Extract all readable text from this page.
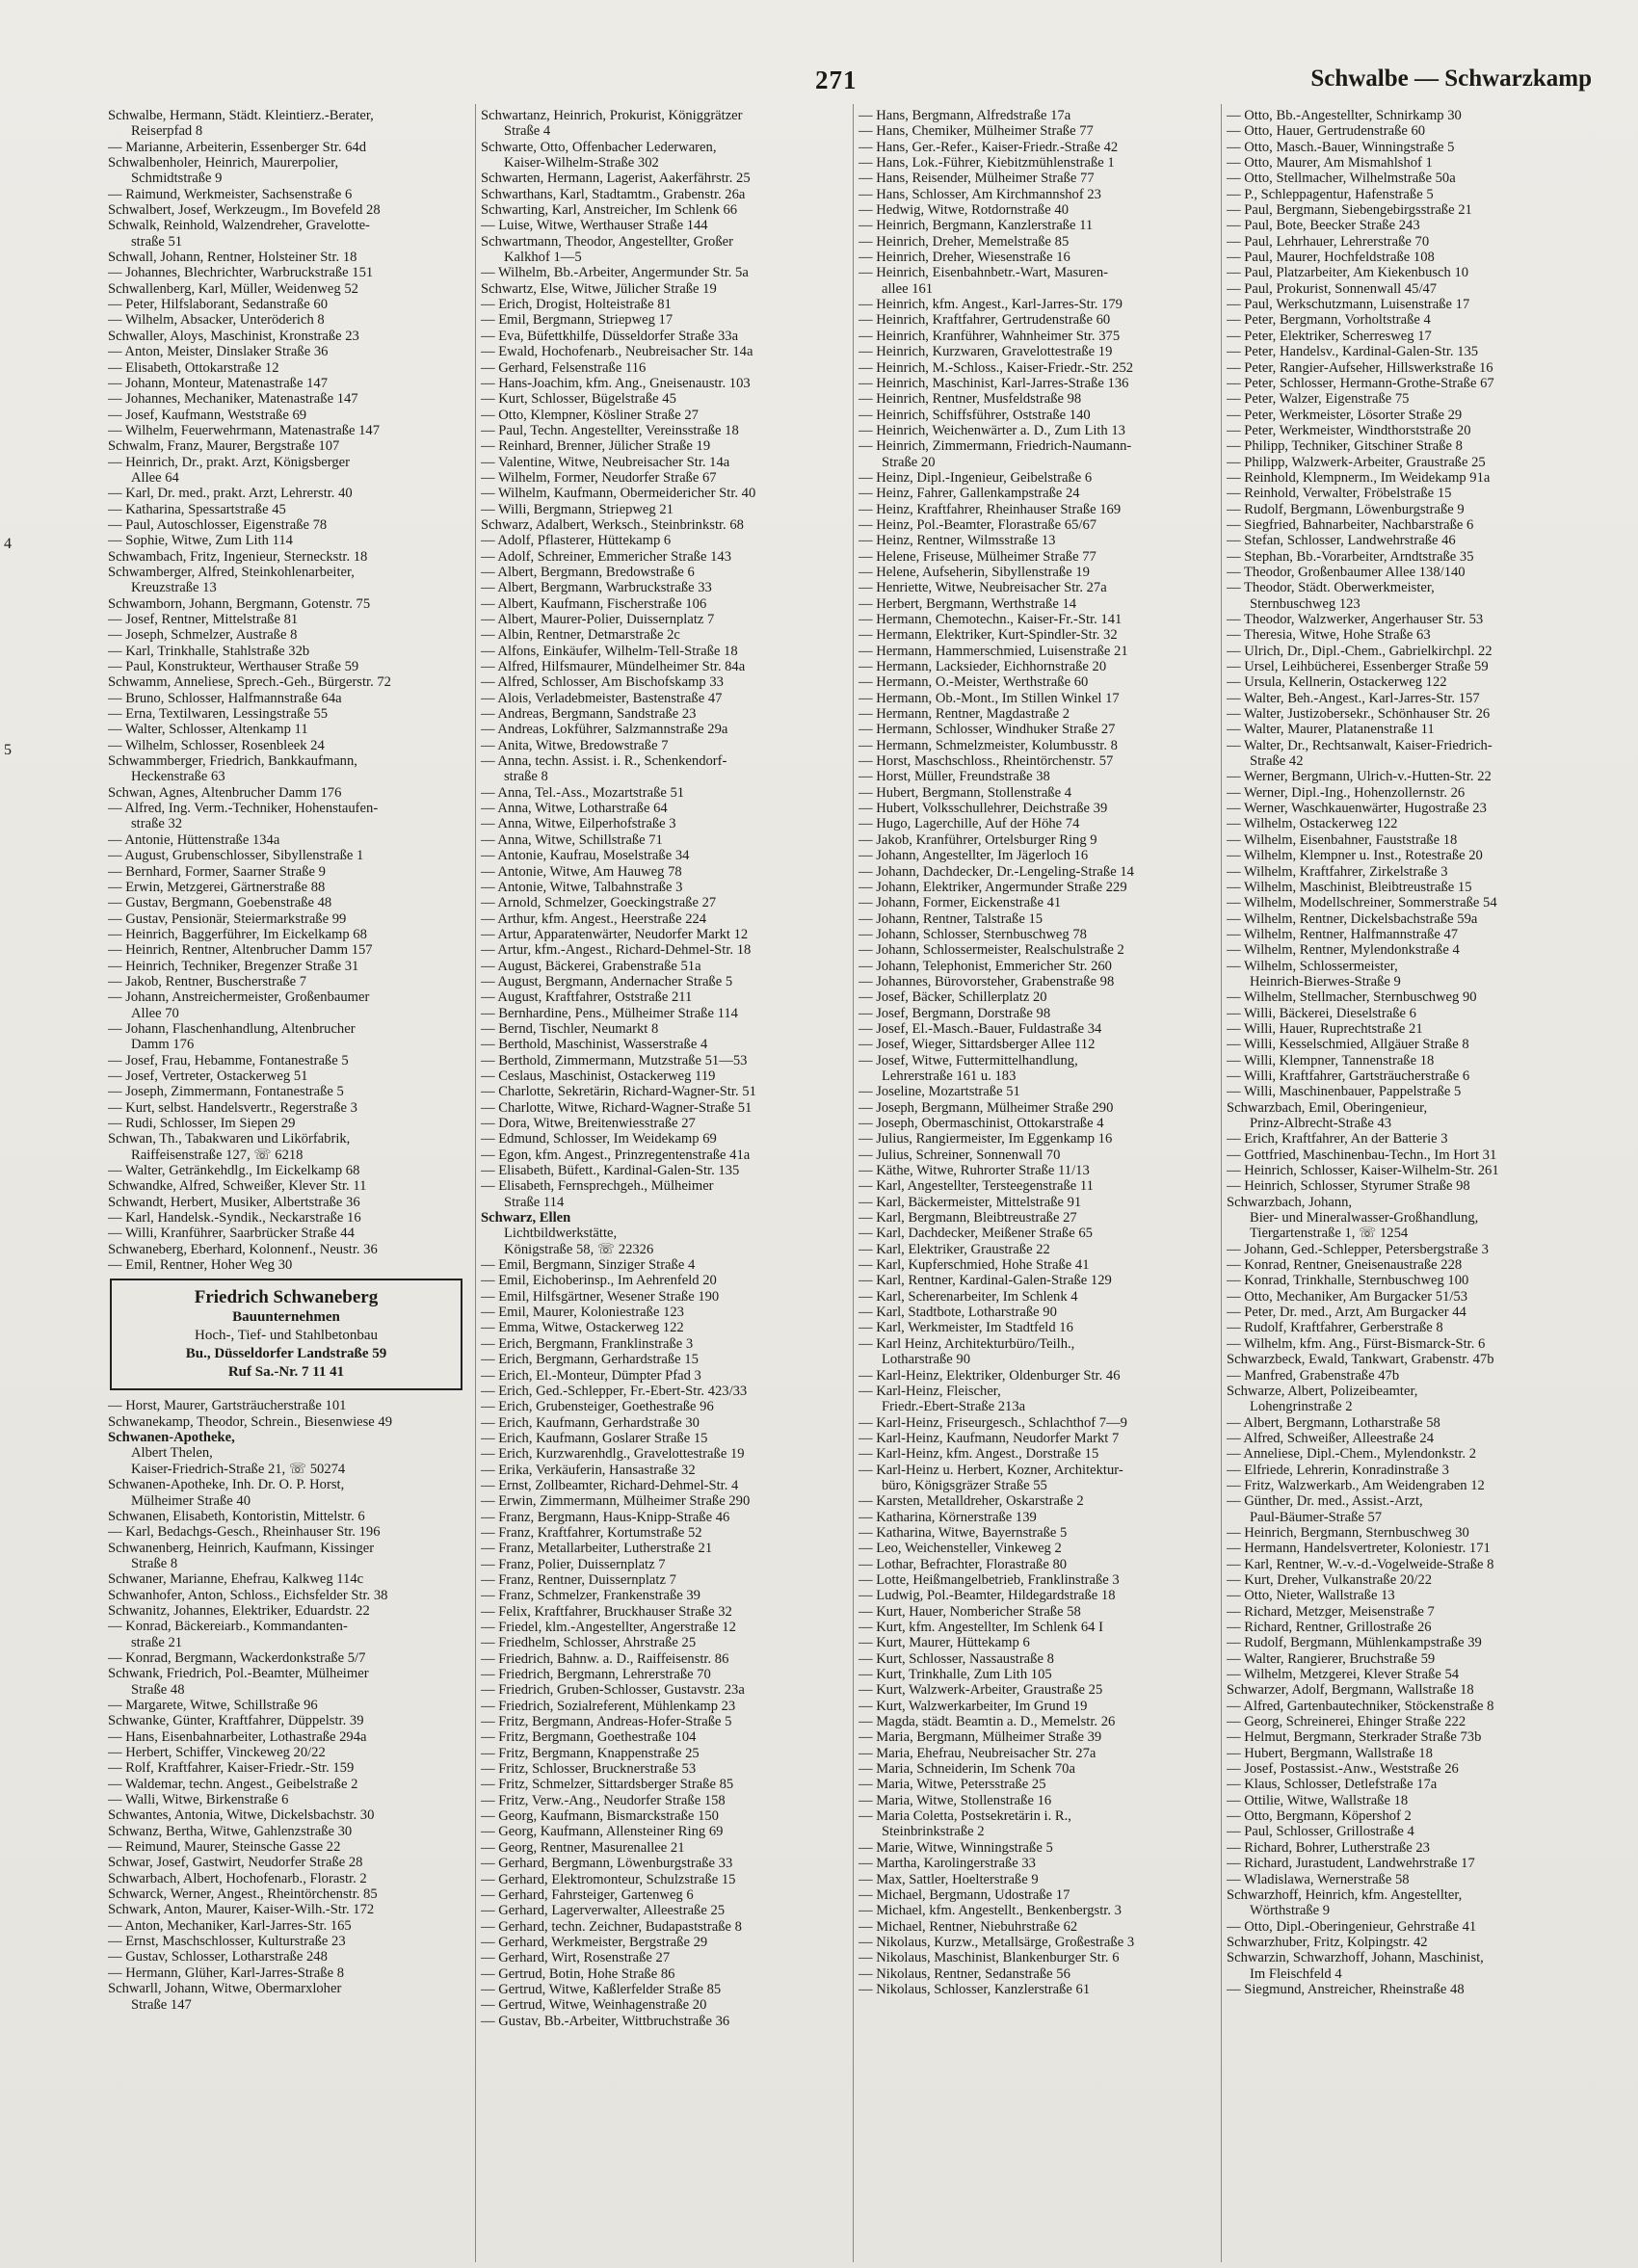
271	Schwalbe — Schwarzkamp
4
5
Schwalbe, Hermann, Städt. Kleintierz.-Berater,
Reiserpfad 8
— Marianne, Arbeiterin, Essenberger Str. 64d
Schwalbenholer, Heinrich, Maurerpolier,
Schmidtstraße 9
— Raimund, Werkmeister, Sachsenstraße 6
Schwalbert, Josef, Werkzeugm., Im Bovefeld 28
Schwalk, Reinhold, Walzendreher, Gravelotte-
straße 51
Schwall, Johann, Rentner, Holsteiner Str. 18
— Johannes, Blechrichter, Warbruckstraße 151
Schwallenberg, Karl, Müller, Weidenweg 52
— Peter, Hilfslaborant, Sedanstraße 60
— Wilhelm, Absacker, Unteröderich 8
Schwaller, Aloys, Maschinist, Kronstraße 23
— Anton, Meister, Dinslaker Straße 36
— Elisabeth, Ottokarstraße 12
— Johann, Monteur, Matenastraße 147
— Johannes, Mechaniker, Matenastraße 147
— Josef, Kaufmann, Weststraße 69
— Wilhelm, Feuerwehrmann, Matenastraße 147
Schwalm, Franz, Maurer, Bergstraße 107
— Heinrich, Dr., prakt. Arzt, Königsberger
Allee 64
— Karl, Dr. med., prakt. Arzt, Lehrerstr. 40
— Katharina, Spessartstraße 45
— Paul, Autoschlosser, Eigenstraße 78
— Sophie, Witwe, Zum Lith 114
Schwambach, Fritz, Ingenieur, Sterneckstr. 18
Schwamberger, Alfred, Steinkohlenarbeiter,
Kreuzstraße 13
Schwamborn, Johann, Bergmann, Gotenstr. 75
— Josef, Rentner, Mittelstraße 81
— Joseph, Schmelzer, Austraße 8
— Karl, Trinkhalle, Stahlstraße 32b
— Paul, Konstrukteur, Werthauser Straße 59
Schwamm, Anneliese, Sprech.-Geh., Bürgerstr. 72
— Bruno, Schlosser, Halfmannstraße 64a
— Erna, Textilwaren, Lessingstraße 55
— Walter, Schlosser, Altenkamp 11
— Wilhelm, Schlosser, Rosenbleek 24
Schwammberger, Friedrich, Bankkaufmann,
Heckenstraße 63
Schwan, Agnes, Altenbrucher Damm 176
— Alfred, Ing. Verm.-Techniker, Hohenstaufen-
straße 32
— Antonie, Hüttenstraße 134a
— August, Grubenschlosser, Sibyllenstraße 1
— Bernhard, Former, Saarner Straße 9
— Erwin, Metzgerei, Gärtnerstraße 88
— Gustav, Bergmann, Goebenstraße 48
— Gustav, Pensionär, Steiermarkstraße 99
— Heinrich, Baggerführer, Im Eickelkamp 68
— Heinrich, Rentner, Altenbrucher Damm 157
— Heinrich, Techniker, Bregenzer Straße 31
— Jakob, Rentner, Buscherstraße 7
— Johann, Anstreichermeister, Großenbaumer
Allee 70
— Johann, Flaschenhandlung, Altenbrucher
Damm 176
— Josef, Frau, Hebamme, Fontanestraße 5
— Josef, Vertreter, Ostackerweg 51
— Joseph, Zimmermann, Fontanestraße 5
— Kurt, selbst. Handelsvertr., Regerstraße 3
— Rudi, Schlosser, Im Siepen 29
Schwan, Th., Tabakwaren und Likörfabrik,
Raiffeisenstraße 127, ☏ 6218
— Walter, Getränkehdlg., Im Eickelkamp 68
Schwandke, Alfred, Schweißer, Klever Str. 11
Schwandt, Herbert, Musiker, Albertstraße 36
— Karl, Handelsk.-Syndik., Neckarstraße 16
— Willi, Kranführer, Saarbrücker Straße 44
Schwaneberg, Eberhard, Kolonnenf., Neustr. 36
— Emil, Rentner, Hoher Weg 30
Friedrich Schwaneberg
Bauunternehmen
Hoch-, Tief- und Stahlbetonbau
Bu., Düsseldorfer Landstraße 59
Ruf Sa.-Nr. 7 11 41
— Horst, Maurer, Gartsträucherstraße 101
Schwanekamp, Theodor, Schrein., Biesenwiese 49
Schwanen-Apotheke,
Albert Thelen,
Kaiser-Friedrich-Straße 21, ☏ 50274
Schwanen-Apotheke, Inh. Dr. O. P. Horst,
Mülheimer Straße 40
Schwanen, Elisabeth, Kontoristin, Mittelstr. 6
— Karl, Bedachgs-Gesch., Rheinhauser Str. 196
Schwanenberg, Heinrich, Kaufmann, Kissinger
Straße 8
Schwaner, Marianne, Ehefrau, Kalkweg 114c
Schwanhofer, Anton, Schloss., Eichsfelder Str. 38
Schwanitz, Johannes, Elektriker, Eduardstr. 22
— Konrad, Bäckereiarb., Kommandanten-
straße 21
— Konrad, Bergmann, Wackerdonkstraße 5/7
Schwank, Friedrich, Pol.-Beamter, Mülheimer
Straße 48
— Margarete, Witwe, Schillstraße 96
Schwanke, Günter, Kraftfahrer, Düppelstr. 39
— Hans, Eisenbahnarbeiter, Lothastraße 294a
— Herbert, Schiffer, Vinckeweg 20/22
— Rolf, Kraftfahrer, Kaiser-Friedr.-Str. 159
— Waldemar, techn. Angest., Geibelstraße 2
— Walli, Witwe, Birkenstraße 6
Schwantes, Antonia, Witwe, Dickelsbachstr. 30
Schwanz, Bertha, Witwe, Gahlenzstraße 30
— Reimund, Maurer, Steinsche Gasse 22
Schwar, Josef, Gastwirt, Neudorfer Straße 28
Schwarbach, Albert, Hochofenarb., Florastr. 2
Schwarck, Werner, Angest., Rheintörchenstr. 85
Schwark, Anton, Maurer, Kaiser-Wilh.-Str. 172
— Anton, Mechaniker, Karl-Jarres-Str. 165
— Ernst, Maschschlosser, Kulturstraße 23
— Gustav, Schlosser, Lotharstraße 248
— Hermann, Glüher, Karl-Jarres-Straße 8
Schwarll, Johann, Witwe, Obermarxloher
Straße 147
Schwartanz, Heinrich, Prokurist, Königgrätzer
Straße 4
Schwarte, Otto, Offenbacher Lederwaren,
Kaiser-Wilhelm-Straße 302
Schwarten, Hermann, Lagerist, Aakerfährstr. 25
Schwarthans, Karl, Stadtamtm., Grabenstr. 26a
Schwarting, Karl, Anstreicher, Im Schlenk 66
— Luise, Witwe, Werthauser Straße 144
Schwartmann, Theodor, Angestellter, Großer
Kalkhof 1—5
— Wilhelm, Bb.-Arbeiter, Angermunder Str. 5a
Schwartz, Else, Witwe, Jülicher Straße 19
— Erich, Drogist, Holteistraße 81
— Emil, Bergmann, Striepweg 17
— Eva, Büfettkhilfe, Düsseldorfer Straße 33a
— Ewald, Hochofenarb., Neubreisacher Str. 14a
— Gerhard, Felsenstraße 116
— Hans-Joachim, kfm. Ang., Gneisenaustr. 103
— Kurt, Schlosser, Bügelstraße 45
— Otto, Klempner, Kösliner Straße 27
— Paul, Techn. Angestellter, Vereinsstraße 18
— Reinhard, Brenner, Jülicher Straße 19
— Valentine, Witwe, Neubreisacher Str. 14a
— Wilhelm, Former, Neudorfer Straße 67
— Wilhelm, Kaufmann, Obermeidericher Str. 40
— Willi, Bergmann, Striepweg 21
Schwarz, Adalbert, Werksch., Steinbrinkstr. 68
— Adolf, Pflasterer, Hüttekamp 6
— Adolf, Schreiner, Emmericher Straße 143
— Albert, Bergmann, Bredowstraße 6
— Albert, Bergmann, Warbruckstraße 33
— Albert, Kaufmann, Fischerstraße 106
— Albert, Maurer-Polier, Duissernplatz 7
— Albin, Rentner, Detmarstraße 2c
— Alfons, Einkäufer, Wilhelm-Tell-Straße 18
— Alfred, Hilfsmaurer, Mündelheimer Str. 84a
— Alfred, Schlosser, Am Bischofskamp 33
— Alois, Verladebmeister, Bastenstraße 47
— Andreas, Bergmann, Sandstraße 23
— Andreas, Lokführer, Salzmannstraße 29a
— Anita, Witwe, Bredowstraße 7
— Anna, techn. Assist. i. R., Schenkendorf-
straße 8
— Anna, Tel.-Ass., Mozartstraße 51
— Anna, Witwe, Lotharstraße 64
— Anna, Witwe, Eilperhofstraße 3
— Anna, Witwe, Schillstraße 71
— Antonie, Kaufrau, Moselstraße 34
— Antonie, Witwe, Am Hauweg 78
— Antonie, Witwe, Talbahnstraße 3
— Arnold, Schmelzer, Goeckingstraße 27
— Arthur, kfm. Angest., Heerstraße 224
— Artur, Apparatenwärter, Neudorfer Markt 12
— Artur, kfm.-Angest., Richard-Dehmel-Str. 18
— August, Bäckerei, Grabenstraße 51a
— August, Bergmann, Andernacher Straße 5
— August, Kraftfahrer, Oststraße 211
— Bernhardine, Pens., Mülheimer Straße 114
— Bernd, Tischler, Neumarkt 8
— Berthold, Maschinist, Wasserstraße 4
— Berthold, Zimmermann, Mutzstraße 51—53
— Ceslaus, Maschinist, Ostackerweg 119
— Charlotte, Sekretärin, Richard-Wagner-Str. 51
— Charlotte, Witwe, Richard-Wagner-Straße 51
— Dora, Witwe, Breitenwiesstraße 27
— Edmund, Schlosser, Im Weidekamp 69
— Egon, kfm. Angest., Prinzregentenstraße 41a
— Elisabeth, Büfett., Kardinal-Galen-Str. 135
— Elisabeth, Fernsprechgeh., Mülheimer
Straße 114
Schwarz, Ellen
Lichtbildwerkstätte,
Königstraße 58, ☏ 22326
— Emil, Bergmann, Sinziger Straße 4
— Emil, Eichoberinsp., Im Aehrenfeld 20
— Emil, Hilfsgärtner, Wesener Straße 190
— Emil, Maurer, Koloniestraße 123
— Emma, Witwe, Ostackerweg 122
— Erich, Bergmann, Franklinstraße 3
— Erich, Bergmann, Gerhardstraße 15
— Erich, El.-Monteur, Dümpter Pfad 3
— Erich, Ged.-Schlepper, Fr.-Ebert-Str. 423/33
— Erich, Grubensteiger, Goethestraße 96
— Erich, Kaufmann, Gerhardstraße 30
— Erich, Kaufmann, Goslarer Straße 15
— Erich, Kurzwarenhdlg., Gravelottestraße 19
— Erika, Verkäuferin, Hansastraße 32
— Ernst, Zollbeamter, Richard-Dehmel-Str. 4
— Erwin, Zimmermann, Mülheimer Straße 290
— Franz, Bergmann, Haus-Knipp-Straße 46
— Franz, Kraftfahrer, Kortumstraße 52
— Franz, Metallarbeiter, Lutherstraße 21
— Franz, Polier, Duissernplatz 7
— Franz, Rentner, Duissernplatz 7
— Franz, Schmelzer, Frankenstraße 39
— Felix, Kraftfahrer, Bruckhauser Straße 32
— Friedel, klm.-Angestellter, Angerstraße 12
— Friedhelm, Schlosser, Ahrstraße 25
— Friedrich, Bahnw. a. D., Raiffeisenstr. 86
— Friedrich, Bergmann, Lehrerstraße 70
— Friedrich, Gruben-Schlosser, Gustavstr. 23a
— Friedrich, Sozialreferent, Mühlenkamp 23
— Fritz, Bergmann, Andreas-Hofer-Straße 5
— Fritz, Bergmann, Goethestraße 104
— Fritz, Bergmann, Knappenstraße 25
— Fritz, Schlosser, Brucknerstraße 53
— Fritz, Schmelzer, Sittardsberger Straße 85
— Fritz, Verw.-Ang., Neudorfer Straße 158
— Georg, Kaufmann, Bismarckstraße 150
— Georg, Kaufmann, Allensteiner Ring 69
— Georg, Rentner, Masurenallee 21
— Gerhard, Bergmann, Löwenburgstraße 33
— Gerhard, Elektromonteur, Schulzstraße 15
— Gerhard, Fahrsteiger, Gartenweg 6
— Gerhard, Lagerverwalter, Alleestraße 25
— Gerhard, techn. Zeichner, Budapaststraße 8
— Gerhard, Werkmeister, Bergstraße 29
— Gerhard, Wirt, Rosenstraße 27
— Gertrud, Botin, Hohe Straße 86
— Gertrud, Witwe, Kaßlerfelder Straße 85
— Gertrud, Witwe, Weinhagenstraße 20
— Gustav, Bb.-Arbeiter, Wittbruchstraße 36
— Hans, Bergmann, Alfredstraße 17a
— Hans, Chemiker, Mülheimer Straße 77
— Hans, Ger.-Refer., Kaiser-Friedr.-Straße 42
— Hans, Lok.-Führer, Kiebitzmühlenstraße 1
— Hans, Reisender, Mülheimer Straße 77
— Hans, Schlosser, Am Kirchmannshof 23
— Hedwig, Witwe, Rotdornstraße 40
— Heinrich, Bergmann, Kanzlerstraße 11
— Heinrich, Dreher, Memelstraße 85
— Heinrich, Dreher, Wiesenstraße 16
— Heinrich, Eisenbahnbetr.-Wart, Masuren-
allee 161
— Heinrich, kfm. Angest., Karl-Jarres-Str. 179
— Heinrich, Kraftfahrer, Gertrudenstraße 60
— Heinrich, Kranführer, Wahnheimer Str. 375
— Heinrich, Kurzwaren, Gravelottestraße 19
— Heinrich, M.-Schloss., Kaiser-Friedr.-Str. 252
— Heinrich, Maschinist, Karl-Jarres-Straße 136
— Heinrich, Rentner, Musfeldstraße 98
— Heinrich, Schiffsführer, Oststraße 140
— Heinrich, Weichenwärter a. D., Zum Lith 13
— Heinrich, Zimmermann, Friedrich-Naumann-
Straße 20
— Heinz, Dipl.-Ingenieur, Geibelstraße 6
— Heinz, Fahrer, Gallenkampstraße 24
— Heinz, Kraftfahrer, Rheinhauser Straße 169
— Heinz, Pol.-Beamter, Florastraße 65/67
— Heinz, Rentner, Wilmsstraße 13
— Helene, Friseuse, Mülheimer Straße 77
— Helene, Aufseherin, Sibyllenstraße 19
— Henriette, Witwe, Neubreisacher Str. 27a
— Herbert, Bergmann, Werthstraße 14
— Hermann, Chemotechn., Kaiser-Fr.-Str. 141
— Hermann, Elektriker, Kurt-Spindler-Str. 32
— Hermann, Hammerschmied, Luisenstraße 21
— Hermann, Lacksieder, Eichhornstraße 20
— Hermann, O.-Meister, Werthstraße 60
— Hermann, Ob.-Mont., Im Stillen Winkel 17
— Hermann, Rentner, Magdastraße 2
— Hermann, Schlosser, Windhuker Straße 27
— Hermann, Schmelzmeister, Kolumbusstr. 8
— Horst, Maschschloss., Rheintörchenstr. 57
— Horst, Müller, Freundstraße 38
— Hubert, Bergmann, Stollenstraße 4
— Hubert, Volksschullehrer, Deichstraße 39
— Hugo, Lagerchille, Auf der Höhe 74
— Jakob, Kranführer, Ortelsburger Ring 9
— Johann, Angestellter, Im Jägerloch 16
— Johann, Dachdecker, Dr.-Lengeling-Straße 14
— Johann, Elektriker, Angermunder Straße 229
— Johann, Former, Eickenstraße 41
— Johann, Rentner, Talstraße 15
— Johann, Schlosser, Sternbuschweg 78
— Johann, Schlossermeister, Realschulstraße 2
— Johann, Telephonist, Emmericher Str. 260
— Johannes, Bürovorsteher, Grabenstraße 98
— Josef, Bäcker, Schillerplatz 20
— Josef, Bergmann, Dorstraße 98
— Josef, El.-Masch.-Bauer, Fuldastraße 34
— Josef, Wieger, Sittardsberger Allee 112
— Josef, Witwe, Futtermittelhandlung,
Lehrerstraße 161 u. 183
— Joseline, Mozartstraße 51
— Joseph, Bergmann, Mülheimer Straße 290
— Joseph, Obermaschinist, Ottokarstraße 4
— Julius, Rangiermeister, Im Eggenkamp 16
— Julius, Schreiner, Sonnenwall 70
— Käthe, Witwe, Ruhrorter Straße 11/13
— Karl, Angestellter, Tersteegenstraße 11
— Karl, Bäckermeister, Mittelstraße 91
— Karl, Bergmann, Bleibtreustraße 27
— Karl, Dachdecker, Meißener Straße 65
— Karl, Elektriker, Graustraße 22
— Karl, Kupferschmied, Hohe Straße 41
— Karl, Rentner, Kardinal-Galen-Straße 129
— Karl, Scherenarbeiter, Im Schlenk 4
— Karl, Stadtbote, Lotharstraße 90
— Karl, Werkmeister, Im Stadtfeld 16
— Karl Heinz, Architekturbüro/Teilh.,
Lotharstraße 90
— Karl-Heinz, Elektriker, Oldenburger Str. 46
— Karl-Heinz, Fleischer,
Friedr.-Ebert-Straße 213a
— Karl-Heinz, Friseurgesch., Schlachthof 7—9
— Karl-Heinz, Kaufmann, Neudorfer Markt 7
— Karl-Heinz, kfm. Angest., Dorstraße 15
— Karl-Heinz u. Herbert, Kozner, Architektur-
büro, Königsgräzer Straße 55
— Karsten, Metalldreher, Oskarstraße 2
— Katharina, Körnerstraße 139
— Katharina, Witwe, Bayernstraße 5
— Leo, Weichensteller, Vinkeweg 2
— Lothar, Befrachter, Florastraße 80
— Lotte, Heißmangelbetrieb, Franklinstraße 3
— Ludwig, Pol.-Beamter, Hildegardstraße 18
— Kurt, Hauer, Nombericher Straße 58
— Kurt, kfm. Angestellter, Im Schlenk 64 I
— Kurt, Maurer, Hüttekamp 6
— Kurt, Schlosser, Nassaustraße 8
— Kurt, Trinkhalle, Zum Lith 105
— Kurt, Walzwerk-Arbeiter, Graustraße 25
— Kurt, Walzwerkarbeiter, Im Grund 19
— Magda, städt. Beamtin a. D., Memelstr. 26
— Maria, Bergmann, Mülheimer Straße 39
— Maria, Ehefrau, Neubreisacher Str. 27a
— Maria, Schneiderin, Im Schenk 70a
— Maria, Witwe, Petersstraße 25
— Maria, Witwe, Stollenstraße 16
— Maria Coletta, Postsekretärin i. R.,
Steinbrinkstraße 2
— Marie, Witwe, Winningstraße 5
— Martha, Karolingerstraße 33
— Max, Sattler, Hoelterstraße 9
— Michael, Bergmann, Udostraße 17
— Michael, kfm. Angestellt., Benkenbergstr. 3
— Michael, Rentner, Niebuhrstraße 62
— Nikolaus, Kurzw., Metallsärge, Großestraße 3
— Nikolaus, Maschinist, Blankenburger Str. 6
— Nikolaus, Rentner, Sedanstraße 56
— Nikolaus, Schlosser, Kanzlerstraße 61
— Otto, Bb.-Angestellter, Schnirkamp 30
— Otto, Hauer, Gertrudenstraße 60
— Otto, Masch.-Bauer, Winningstraße 5
— Otto, Maurer, Am Mismahlshof 1
— Otto, Stellmacher, Wilhelmstraße 50a
— P., Schleppagentur, Hafenstraße 5
— Paul, Bergmann, Siebengebirgsstraße 21
— Paul, Bote, Beecker Straße 243
— Paul, Lehrhauer, Lehrerstraße 70
— Paul, Maurer, Hochfeldstraße 108
— Paul, Platzarbeiter, Am Kiekenbusch 10
— Paul, Prokurist, Sonnenwall 45/47
— Paul, Werkschutzmann, Luisenstraße 17
— Peter, Bergmann, Vorholtstraße 4
— Peter, Elektriker, Scherresweg 17
— Peter, Handelsv., Kardinal-Galen-Str. 135
— Peter, Rangier-Aufseher, Hillswerkstraße 16
— Peter, Schlosser, Hermann-Grothe-Straße 67
— Peter, Walzer, Eigenstraße 75
— Peter, Werkmeister, Lösorter Straße 29
— Peter, Werkmeister, Windthorststraße 20
— Philipp, Techniker, Gitschiner Straße 8
— Philipp, Walzwerk-Arbeiter, Graustraße 25
— Reinhold, Klempnerm., Im Weidekamp 91a
— Reinhold, Verwalter, Fröbelstraße 15
— Rudolf, Bergmann, Löwenburgstraße 9
— Siegfried, Bahnarbeiter, Nachbarstraße 6
— Stefan, Schlosser, Landwehrstraße 46
— Stephan, Bb.-Vorarbeiter, Arndtstraße 35
— Theodor, Großenbaumer Allee 138/140
— Theodor, Städt. Oberwerkmeister,
Sternbuschweg 123
— Theodor, Walzwerker, Angerhauser Str. 53
— Theresia, Witwe, Hohe Straße 63
— Ulrich, Dr., Dipl.-Chem., Gabrielkirchpl. 22
— Ursel, Leihbücherei, Essenberger Straße 59
— Ursula, Kellnerin, Ostackerweg 122
— Walter, Beh.-Angest., Karl-Jarres-Str. 157
— Walter, Justizobersekr., Schönhauser Str. 26
— Walter, Maurer, Platanenstraße 11
— Walter, Dr., Rechtsanwalt, Kaiser-Friedrich-
Straße 42
— Werner, Bergmann, Ulrich-v.-Hutten-Str. 22
— Werner, Dipl.-Ing., Hohenzollernstr. 26
— Werner, Waschkauenwärter, Hugostraße 23
— Wilhelm, Ostackerweg 122
— Wilhelm, Eisenbahner, Fauststraße 18
— Wilhelm, Klempner u. Inst., Rotestraße 20
— Wilhelm, Kraftfahrer, Zirkelstraße 3
— Wilhelm, Maschinist, Bleibtreustraße 15
— Wilhelm, Modellschreiner, Sommerstraße 54
— Wilhelm, Rentner, Dickelsbachstraße 59a
— Wilhelm, Rentner, Halfmannstraße 47
— Wilhelm, Rentner, Mylendonkstraße 4
— Wilhelm, Schlossermeister,
Heinrich-Bierwes-Straße 9
— Wilhelm, Stellmacher, Sternbuschweg 90
— Willi, Bäckerei, Dieselstraße 6
— Willi, Hauer, Ruprechtstraße 21
— Willi, Kesselschmied, Allgäuer Straße 8
— Willi, Klempner, Tannenstraße 18
— Willi, Kraftfahrer, Gartsträucherstraße 6
— Willi, Maschinenbauer, Pappelstraße 5
Schwarzbach, Emil, Oberingenieur,
Prinz-Albrecht-Straße 43
— Erich, Kraftfahrer, An der Batterie 3
— Gottfried, Maschinenbau-Techn., Im Hort 31
— Heinrich, Schlosser, Kaiser-Wilhelm-Str. 261
— Heinrich, Schlosser, Styrumer Straße 98
Schwarzbach, Johann,
Bier- und Mineralwasser-Großhandlung,
Tiergartenstraße 1, ☏ 1254
— Johann, Ged.-Schlepper, Petersbergstraße 3
— Konrad, Rentner, Gneisenaustraße 228
— Konrad, Trinkhalle, Sternbuschweg 100
— Otto, Mechaniker, Am Burgacker 51/53
— Peter, Dr. med., Arzt, Am Burgacker 44
— Rudolf, Kraftfahrer, Gerberstraße 8
— Wilhelm, kfm. Ang., Fürst-Bismarck-Str. 6
Schwarzbeck, Ewald, Tankwart, Grabenstr. 47b
— Manfred, Grabenstraße 47b
Schwarze, Albert, Polizeibeamter,
Lohengrinstraße 2
— Albert, Bergmann, Lotharstraße 58
— Alfred, Schweißer, Alleestraße 24
— Anneliese, Dipl.-Chem., Mylendonkstr. 2
— Elfriede, Lehrerin, Konradinstraße 3
— Fritz, Walzwerkarb., Am Weidengraben 12
— Günther, Dr. med., Assist.-Arzt,
Paul-Bäumer-Straße 57
— Heinrich, Bergmann, Sternbuschweg 30
— Hermann, Handelsvertreter, Koloniestr. 171
— Karl, Rentner, W.-v.-d.-Vogelweide-Straße 8
— Kurt, Dreher, Vulkanstraße 20/22
— Otto, Nieter, Wallstraße 13
— Richard, Metzger, Meisenstraße 7
— Richard, Rentner, Grillostraße 26
— Rudolf, Bergmann, Mühlenkampstraße 39
— Walter, Rangierer, Bruchstraße 59
— Wilhelm, Metzgerei, Klever Straße 54
Schwarzer, Adolf, Bergmann, Wallstraße 18
— Alfred, Gartenbautechniker, Stöckenstraße 8
— Georg, Schreinerei, Ehinger Straße 222
— Helmut, Bergmann, Sterkrader Straße 73b
— Hubert, Bergmann, Wallstraße 18
— Josef, Postassist.-Anw., Weststraße 26
— Klaus, Schlosser, Detlefstraße 17a
— Ottilie, Witwe, Wallstraße 18
— Otto, Bergmann, Köpershof 2
— Paul, Schlosser, Grillostraße 4
— Richard, Bohrer, Lutherstraße 23
— Richard, Jurastudent, Landwehrstraße 17
— Wladislawa, Wernerstraße 58
Schwarzhoff, Heinrich, kfm. Angestellter,
Wörthstraße 9
— Otto, Dipl.-Oberingenieur, Gehrstraße 41
Schwarzhuber, Fritz, Kolpingstr. 42
Schwarzin, Schwarzhoff, Johann, Maschinist,
Im Fleischfeld 4
— Siegmund, Anstreicher, Rheinstraße 48
